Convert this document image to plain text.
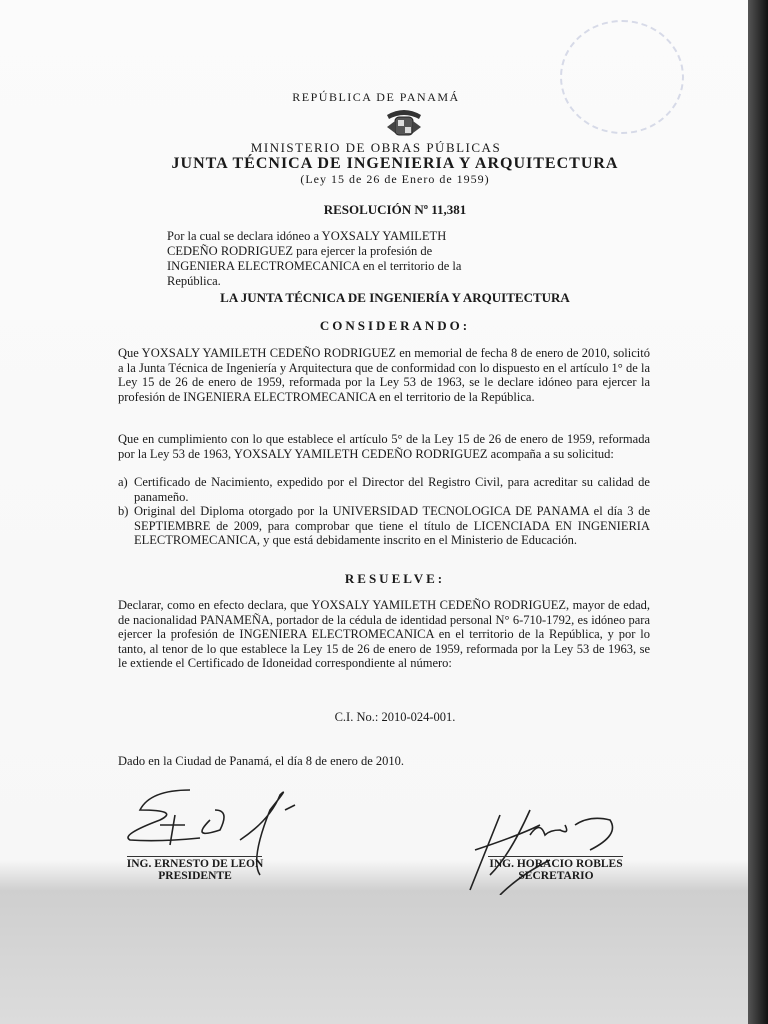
REPÚBLICA DE PANAMÁ
MINISTERIO DE OBRAS PÚBLICAS
JUNTA TÉCNICA DE INGENIERIA Y ARQUITECTURA
(Ley 15 de 26 de Enero de 1959)
RESOLUCIÓN Nº 11,381
Por la cual se declara idóneo a YOXSALY YAMILETH CEDEÑO RODRIGUEZ para ejercer la profesión de INGENIERA ELECTROMECANICA en el territorio de la República.
LA JUNTA TÉCNICA DE INGENIERÍA Y ARQUITECTURA
CONSIDERANDO:
Que YOXSALY YAMILETH CEDEÑO RODRIGUEZ en memorial de fecha 8 de enero de 2010, solicitó a la Junta Técnica de Ingeniería y Arquitectura que de conformidad con lo dispuesto en el artículo 1° de la Ley 15 de 26 de enero de 1959, reformada por la Ley 53 de 1963, se le declare idóneo para ejercer la profesión de INGENIERA ELECTROMECANICA en el territorio de la República.
Que en cumplimiento con lo que establece el artículo 5° de la Ley 15 de 26 de enero de 1959, reformada por la Ley 53 de 1963, YOXSALY YAMILETH CEDEÑO RODRIGUEZ acompaña a su solicitud:
a) Certificado de Nacimiento, expedido por el Director del Registro Civil, para acreditar su calidad de panameño.
b) Original del Diploma otorgado por la UNIVERSIDAD TECNOLOGICA DE PANAMA el día 3 de SEPTIEMBRE de 2009, para comprobar que tiene el título de LICENCIADA EN INGENIERIA ELECTROMECANICA, y que está debidamente inscrito en el Ministerio de Educación.
RESUELVE:
Declarar, como en efecto declara, que YOXSALY YAMILETH CEDEÑO RODRIGUEZ, mayor de edad, de nacionalidad PANAMEÑA, portador de la cédula de identidad personal N° 6-710-1792, es idóneo para ejercer la profesión de INGENIERA ELECTROMECANICA en el territorio de la República, y por lo tanto, al tenor de lo que establece la Ley 15 de 26 de enero de 1959, reformada por la Ley 53 de 1963, se le extiende el Certificado de Idoneidad correspondiente al número:
C.I. No.: 2010-024-001.
Dado en la Ciudad de Panamá, el día 8 de enero de 2010.
ING. ERNESTO DE LEON
PRESIDENTE
ING. HORACIO ROBLES
SECRETARIO
